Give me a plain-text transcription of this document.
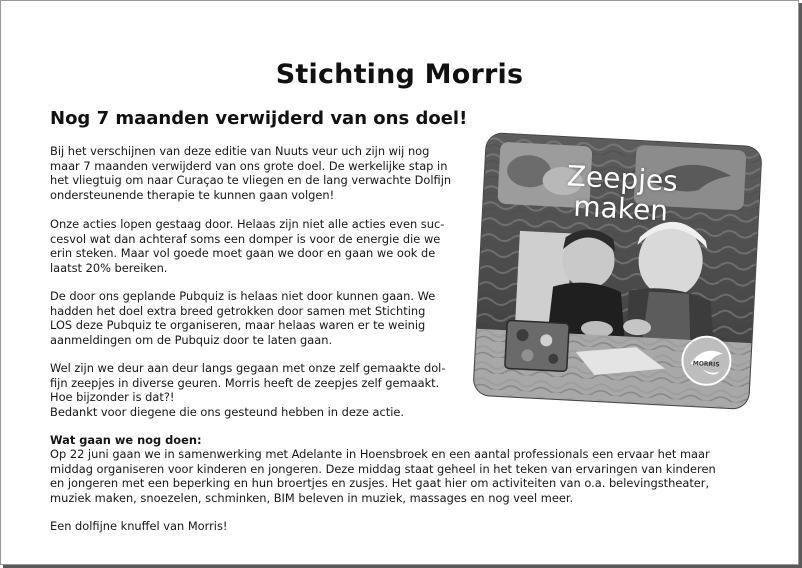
Stichting Morris
Nog 7 maanden verwijderd van ons doel!
Bij het verschijnen van deze editie van Nuuts veur uch zijn wij nog
maar 7 maanden verwijderd van ons grote doel. De werkelijke stap in
het vliegtuig om naar Curaçao te vliegen en de lang verwachte Dolfijn
ondersteunende therapie te kunnen gaan volgen!
Onze acties lopen gestaag door. Helaas zijn niet alle acties even suc-
cesvol wat dan achteraf soms een domper is voor de energie die we
erin steken. Maar vol goede moet gaan we door en gaan we ook de
laatst 20% bereiken.
De door ons geplande Pubquiz is helaas niet door kunnen gaan. We
hadden het doel extra breed getrokken door samen met Stichting
LOS deze Pubquiz te organiseren, maar helaas waren er te weinig
aanmeldingen om de Pubquiz door te laten gaan.
Wel zijn we deur aan deur langs gegaan met onze zelf gemaakte dol-
fijn zeepjes in diverse geuren. Morris heeft de zeepjes zelf gemaakt.
Hoe bijzonder is dat?!
Bedankt voor diegene die ons gesteund hebben in deze actie.
Wat gaan we nog doen:
Op 22 juni gaan we in samenwerking met Adelante in Hoensbroek en een aantal professionals een ervaar het maar
middag organiseren voor kinderen en jongeren. Deze middag staat geheel in het teken van ervaringen van kinderen
en jongeren met een beperking en hun broertjes en zusjes. Het gaat hier om activiteiten van o.a. belevingstheater,
muziek maken, snoezelen, schminken, BIM beleven in muziek, massages en nog veel meer.
Een dolfijne knuffel van Morris!
Zeepjes
maken
MORRIS
